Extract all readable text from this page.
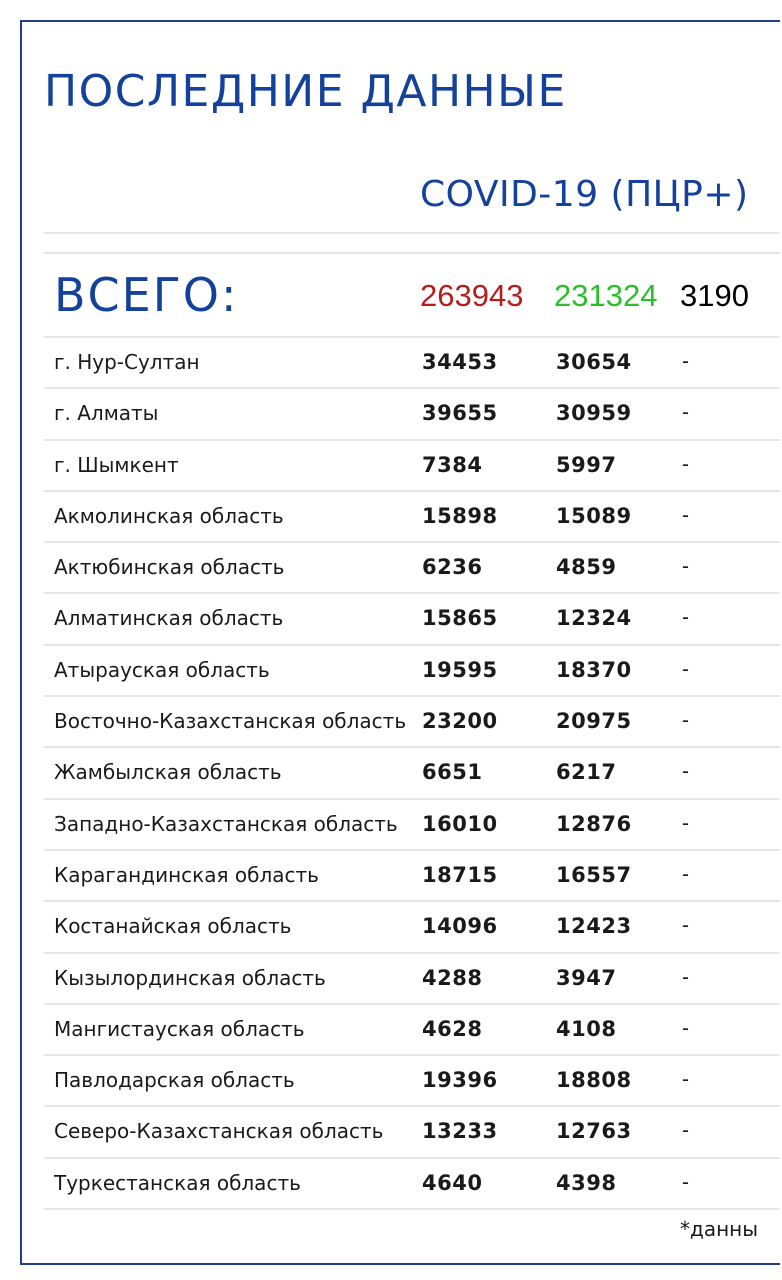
ПОСЛЕДНИЕ ДАННЫЕ
COVID-19 (ПЦР+)
ВСЕГО:	263943 231324 3190
г. Нур-Султан	34453	30654 -
г. Алматы	39655	30959 -
г. Шымкент	7384	5997	-
Акмолинская область	15898	15089 -
Актюбинская область	6236	4859	-
Алматинская область	15865	12324 -
Атырауская область	19595	18370 -
Восточно-Казахстанская область 23200	20975 -
Жамбылская область	6651	6217	-
Западно-Казахстанская область 16010	12876 -
Карагандинская область	18715	16557 -
Костанайская область	14096	12423 -
Кызылординская область	4288	3947	-
Мангистауская область	4628	4108	-
Павлодарская область	19396	18808 -
Северо-Казахстанская область 13233	12763 -
Туркестанская область	4640	4398	-
*данны
